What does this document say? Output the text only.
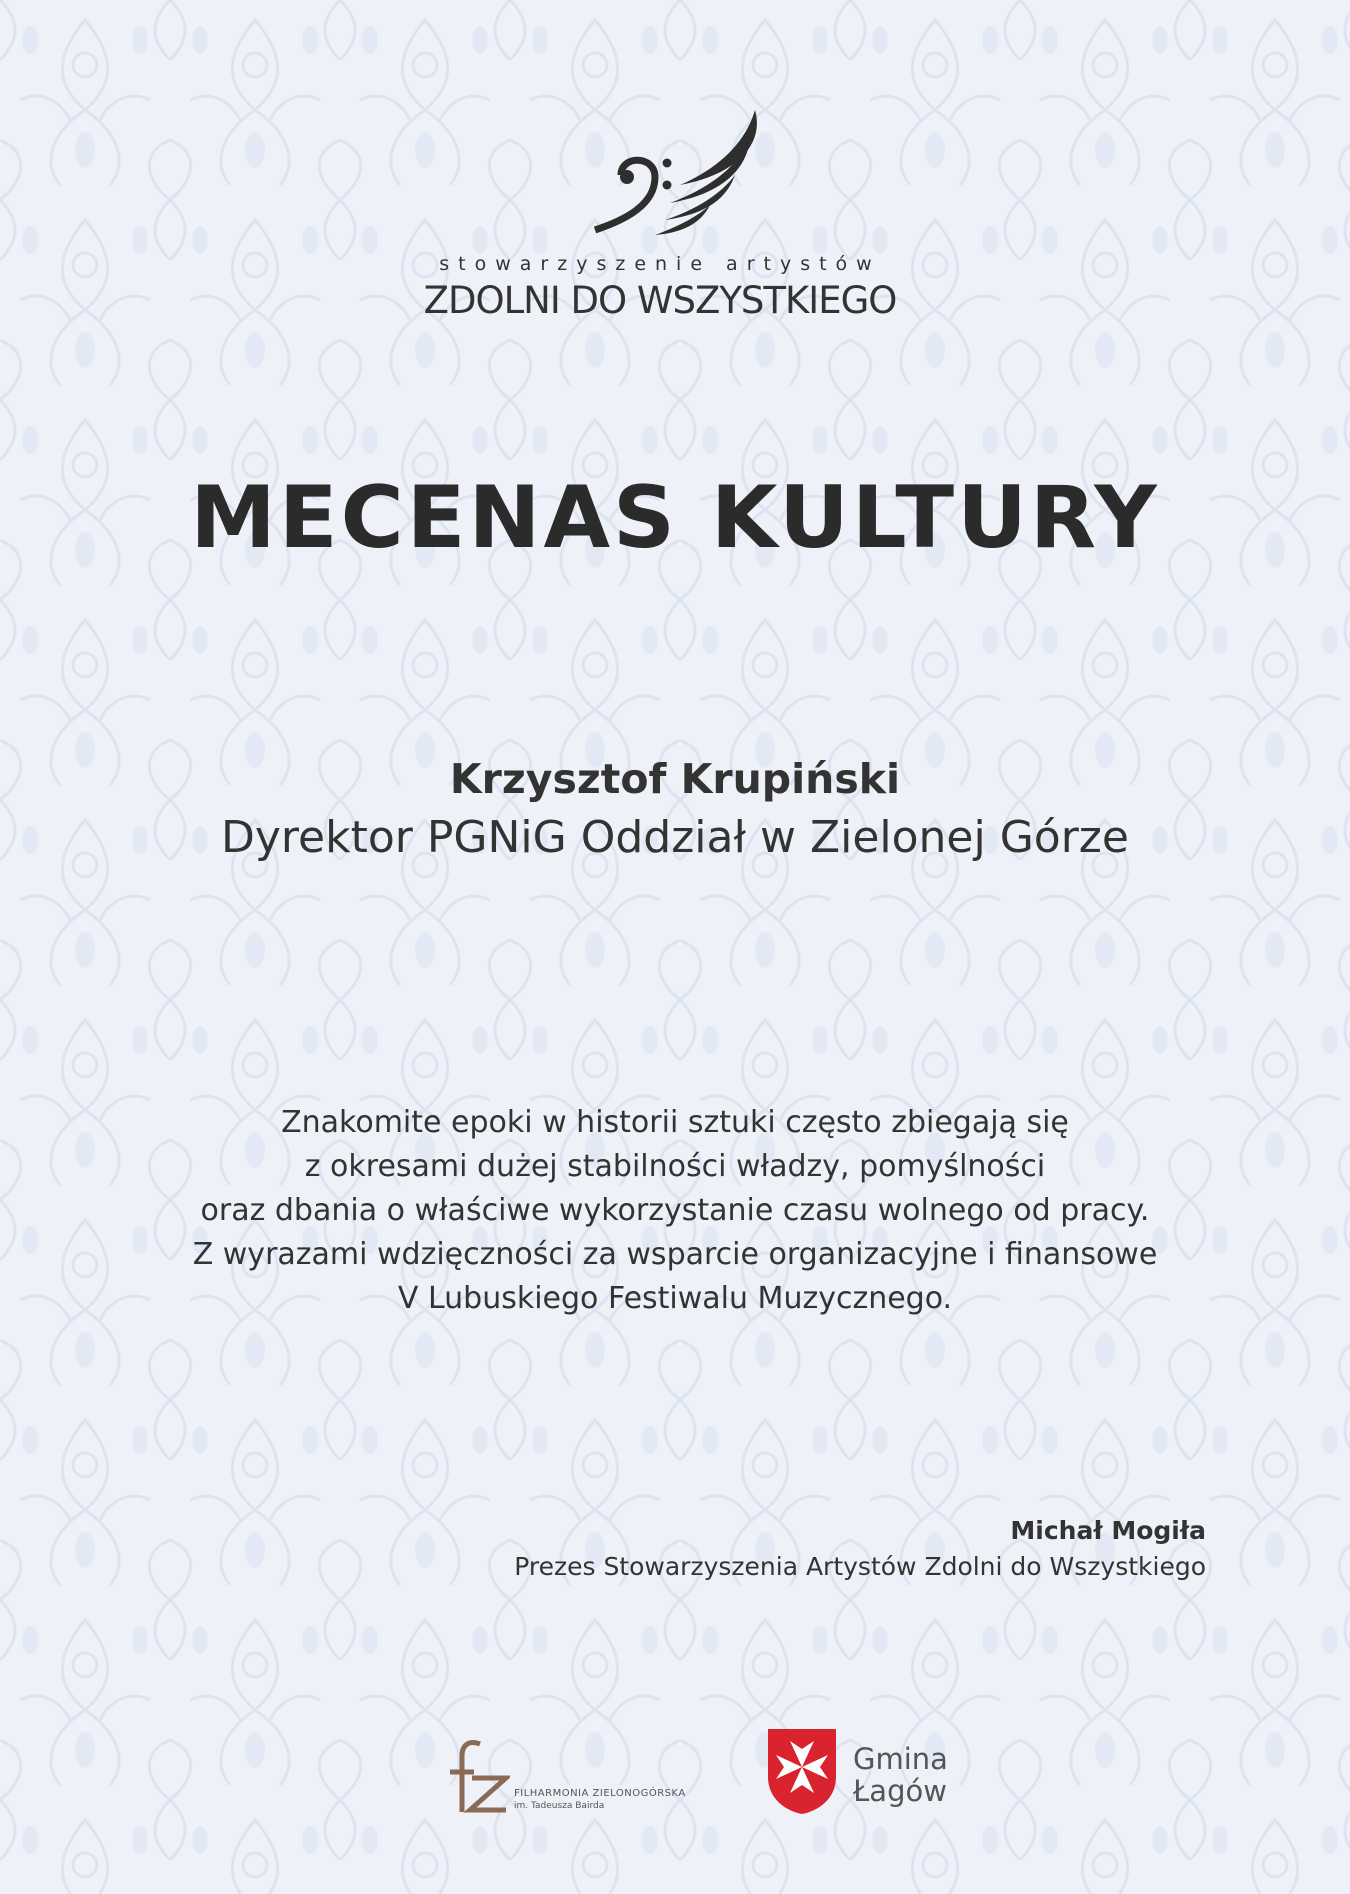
stowarzyszenie artystów
ZDOLNI DO WSZYSTKIEGO
MECENAS KULTURY
Krzysztof Krupiński
Dyrektor PGNiG Oddział w Zielonej Górze
Znakomite epoki w historii sztuki często zbiegają się
z okresami dużej stabilności władzy, pomyślności
oraz dbania o właściwe wykorzystanie czasu wolnego od pracy.
Z wyrazami wdzięczności za wsparcie organizacyjne i finansowe
V Lubuskiego Festiwalu Muzycznego.
Michał Mogiła
Prezes Stowarzyszenia Artystów Zdolni do Wszystkiego
FILHARMONIA ZIELONOGÓRSKA
im. Tadeusza Bairda
Gmina
Łagów
